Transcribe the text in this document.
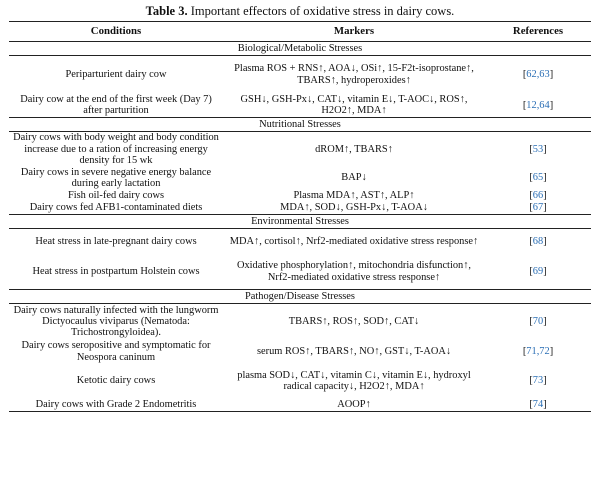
Table 3. Important effectors of oxidative stress in dairy cows.
Conditions	Markers	References
Biological/Metabolic Stresses		
Periparturient dairy cow	Plasma ROS + RNS↑, AOA↓, OSi↑, 15-F2t-isoprostane↑, TBARS↑, hydroperoxides↑	[62,63]
Dairy cow at the end of the first week (Day 7) after parturition	GSH↓, GSH-Px↓, CAT↓, vitamin E↓, T-AOC↓, ROS↑, H2O2↑, MDA↑	[12,64]
Nutritional Stresses		
Dairy cows with body weight and body condition increase due to a ration of increasing energy density for 15 wk	dROM↑, TBARS↑	[53]
Dairy cows in severe negative energy balance during early lactation	BAP↓	[65]
Fish oil-fed dairy cows	Plasma MDA↑, AST↑, ALP↑	[66]
Dairy cows fed AFB1-contaminated diets	MDA↑, SOD↓, GSH-Px↓, T-AOA↓	[67]
Environmental Stresses		
Heat stress in late-pregnant dairy cows	MDA↑, cortisol↑, Nrf2-mediated oxidative stress response↑	[68]
Heat stress in postpartum Holstein cows	Oxidative phosphorylation↑, mitochondria disfunction↑, Nrf2-mediated oxidative stress response↑	[69]
Pathogen/Disease Stresses		
Dairy cows naturally infected with the lungworm Dictyocaulus viviparus (Nematoda: Trichostrongyloidea).	TBARS↑, ROS↑, SOD↑, CAT↓	[70]
Dairy cows seropositive and symptomatic for Neospora caninum	serum ROS↑, TBARS↑, NO↑, GST↓, T-AOA↓	[71,72]
Ketotic dairy cows	plasma SOD↓, CAT↓, vitamin C↓, vitamin E↓, hydroxyl radical capacity↓, H2O2↑, MDA↑	[73]
Dairy cows with Grade 2 Endometritis	AOOP↑	[74]
